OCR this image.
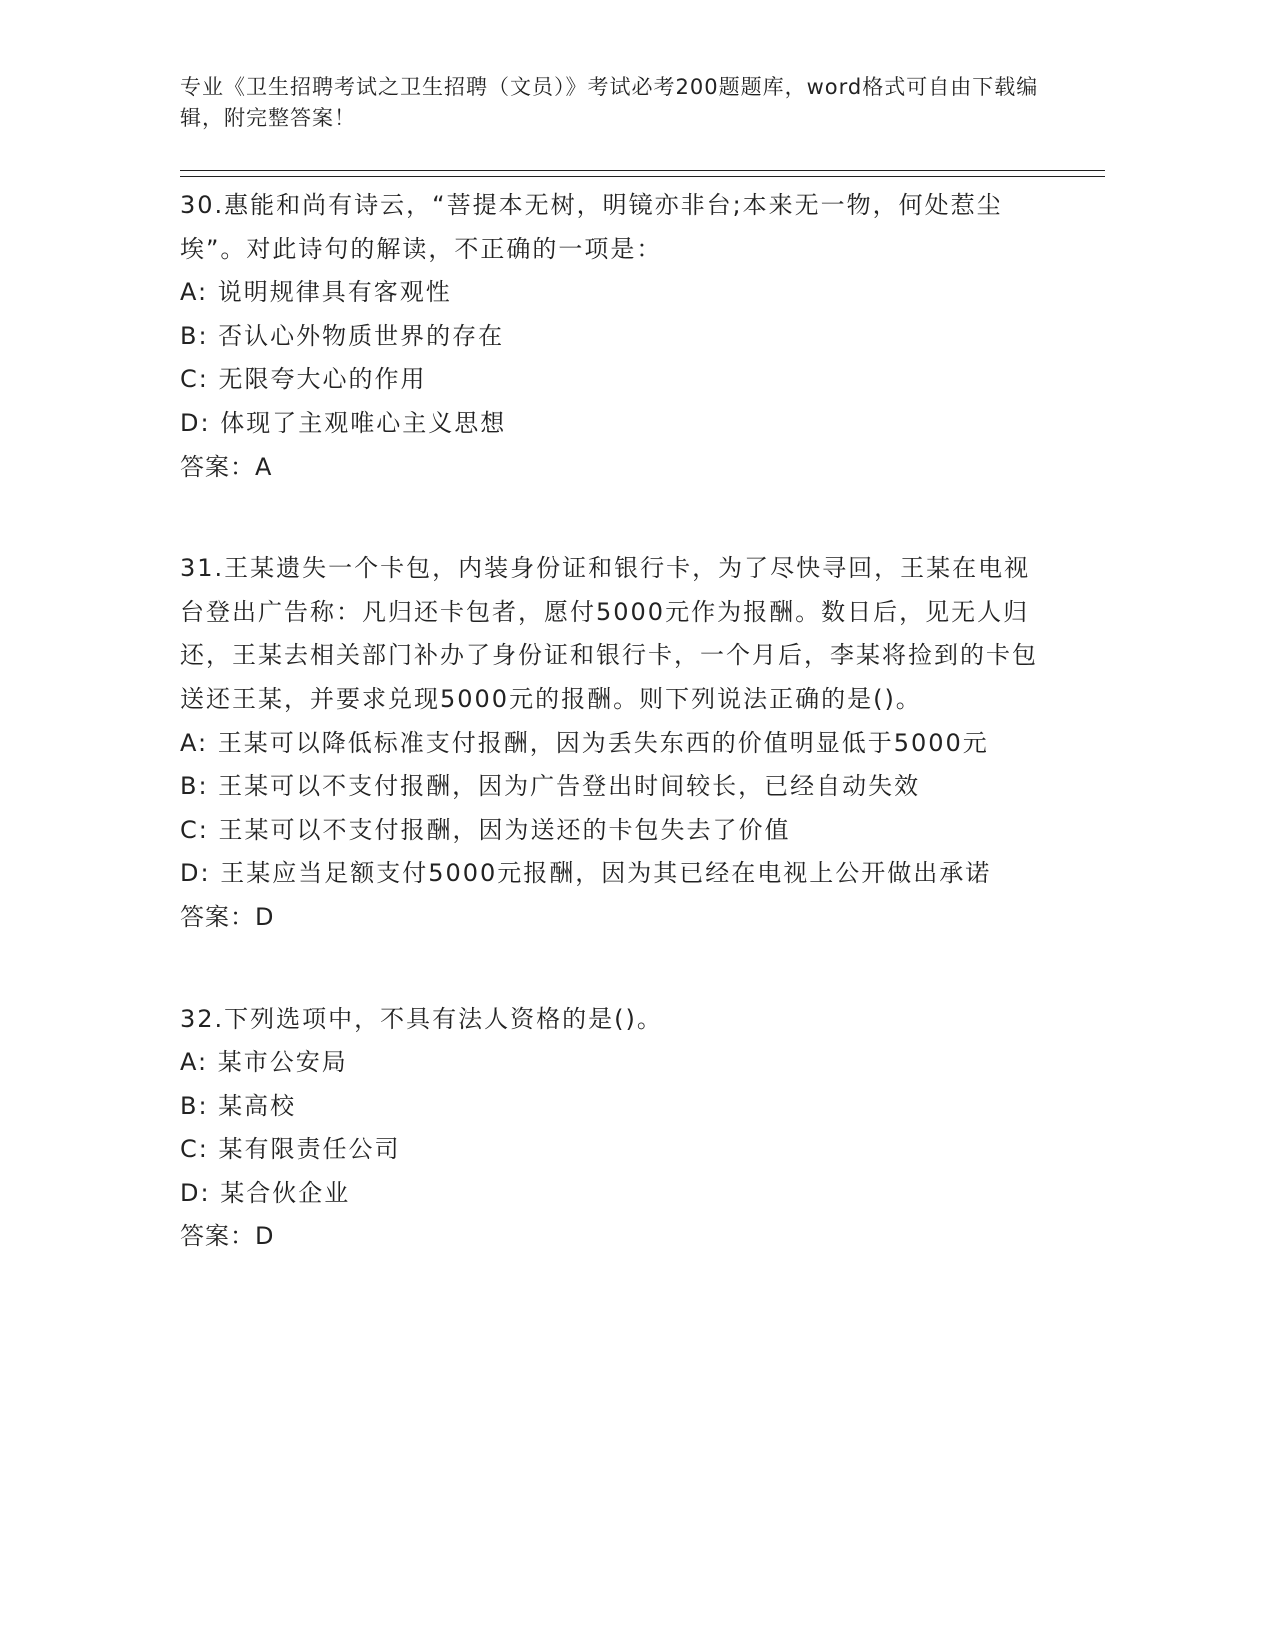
专业《卫生招聘考试之卫生招聘（文员）》考试必考200题题库，word格式可自由下载编辑，附完整答案！
30.惠能和尚有诗云，“菩提本无树，明镜亦非台;本来无一物，何处惹尘埃”。对此诗句的解读，不正确的一项是：
A: 说明规律具有客观性
B: 否认心外物质世界的存在
C: 无限夸大心的作用
D: 体现了主观唯心主义思想
答案：A
31.王某遗失一个卡包，内装身份证和银行卡，为了尽快寻回，王某在电视台登出广告称：凡归还卡包者，愿付5000元作为报酬。数日后，见无人归还，王某去相关部门补办了身份证和银行卡，一个月后，李某将捡到的卡包送还王某，并要求兑现5000元的报酬。则下列说法正确的是()。
A: 王某可以降低标准支付报酬，因为丢失东西的价值明显低于5000元
B: 王某可以不支付报酬，因为广告登出时间较长，已经自动失效
C: 王某可以不支付报酬，因为送还的卡包失去了价值
D: 王某应当足额支付5000元报酬，因为其已经在电视上公开做出承诺
答案：D
32.下列选项中，不具有法人资格的是()。
A: 某市公安局
B: 某高校
C: 某有限责任公司
D: 某合伙企业
答案：D
